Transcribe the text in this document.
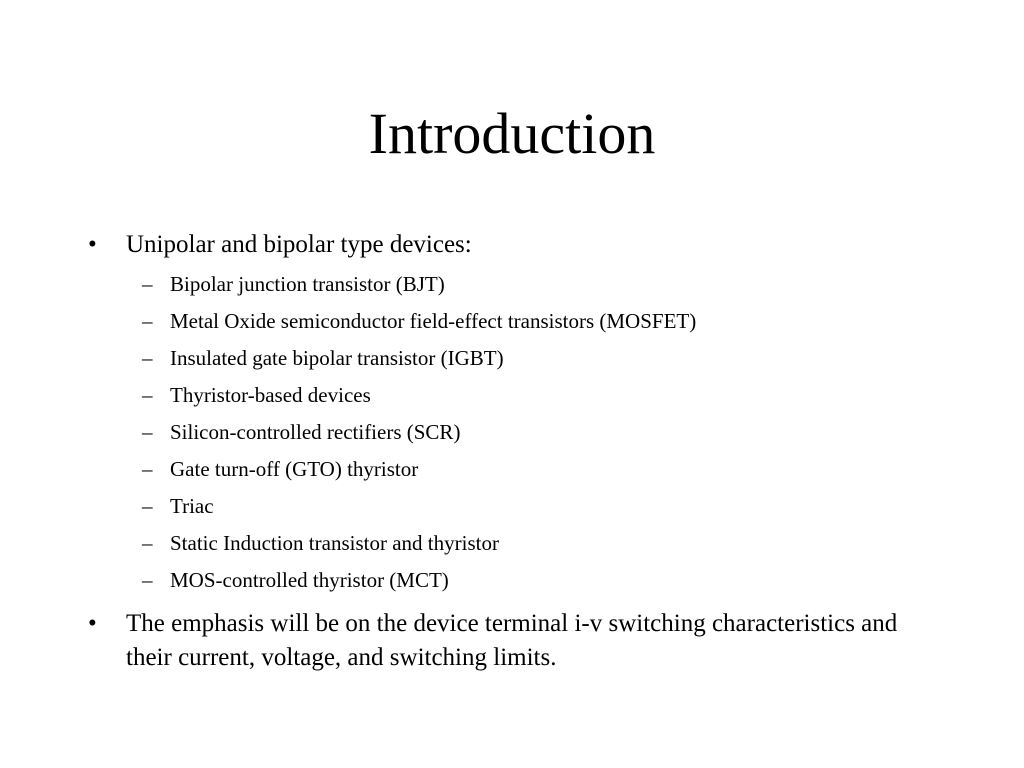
Introduction
• Unipolar and bipolar type devices:
– Bipolar junction transistor (BJT)
– Metal Oxide semiconductor field-effect transistors (MOSFET)
– Insulated gate bipolar transistor (IGBT)
– Thyristor-based devices
– Silicon-controlled rectifiers (SCR)
– Gate turn-off (GTO) thyristor
– Triac
– Static Induction transistor and thyristor
– MOS-controlled thyristor (MCT)
• The emphasis will be on the device terminal i-v switching characteristics and their current, voltage, and switching limits.
